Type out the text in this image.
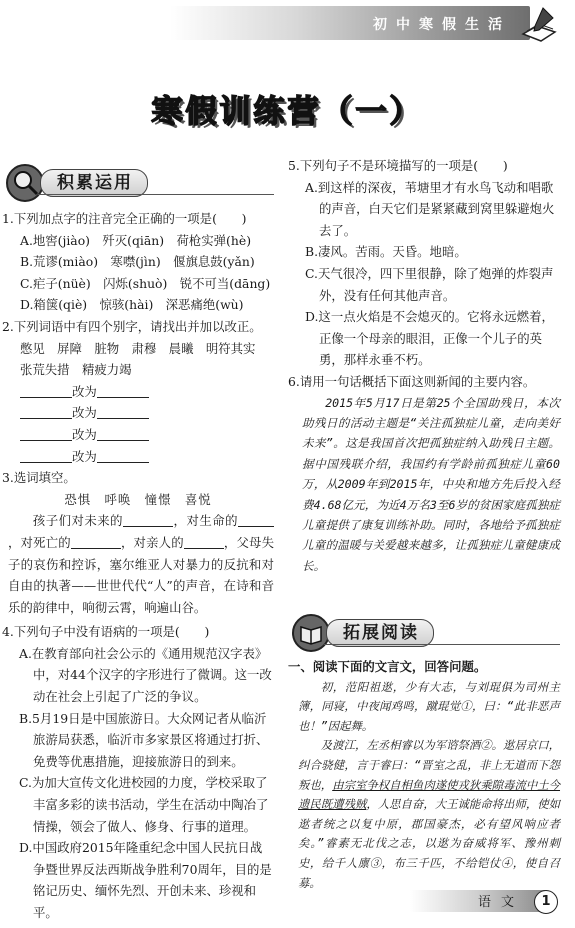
初中寒假生活
寒假训练营（一）
积累运用

1.下列加点字的注音完全正确的一项是(　　)

A.地窖(jiào)　歼灭(qiān)　荷枪实弹(hè)

B.荒谬(miào)　寒噤(jìn)　偃旗息鼓(yǎn)

C.疟子(nüè)　闪烁(shuò)　锐不可当(dāng)

D.箱箧(qiè)　惊骇(hài)　深恶痛绝(wù)

2.下列词语中有四个别字，请找出并加以改正。

憋见　屏障　脏物　肃穆　晨曦　明符其实

张荒失措　精疲力竭

改为

改为

改为

改为

3.选词填空。

恐惧　呼唤　憧憬　喜悦

孩子们对未来的	，对生命的，对死亡的	，对亲人的	，父母失子的哀伤和控诉，塞尔维亚人对暴力的反抗和对自由的执著——世世代代“人”的声音，在诗和音乐的韵律中，响彻云霄，响遍山谷。

4.下列句子中没有语病的一项是(　　)

A.在教育部向社会公示的《通用规范汉字表》中，对44个汉字的字形进行了微调。这一改动在社会上引起了广泛的争议。

B.5月19日是中国旅游日。大众网记者从临沂旅游局获悉，临沂市多家景区将通过打折、免费等优惠措施，迎接旅游日的到来。

C.为加大宣传文化进校园的力度，学校采取了丰富多彩的读书活动，学生在活动中陶冶了情操，领会了做人、修身、行事的道理。

D.中国政府2015年隆重纪念中国人民抗日战争暨世界反法西斯战争胜利70周年，目的是铭记历史、缅怀先烈、开创未来、珍视和平。

5.下列句子不是环境描写的一项是(　　)

A.到这样的深夜，苇塘里才有水鸟飞动和唱歌的声音，白天它们是紧紧藏到窝里躲避炮火去了。

B.凄风。苦雨。天昏。地暗。

C.天气很冷，四下里很静，除了炮弹的炸裂声外，没有任何其他声音。

D.这一点火焰是不会熄灭的。它将永远燃着，正像一个母亲的眼泪，正像一个儿子的英勇，那样永垂不朽。

6.请用一句话概括下面这则新闻的主要内容。

2015年5月17日是第25个全国助残日，本次助残日的活动主题是“关注孤独症儿童，走向美好未来”。这是我国首次把孤独症纳入助残日主题。据中国残联介绍，我国约有学龄前孤独症儿童60万，从2009年到2015年，中央和地方先后投入经费4.68亿元，为近4万名3至6岁的贫困家庭孤独症儿童提供了康复训练补助。同时，各地给予孤独症儿童的温暖与关爱越来越多，让孤独症儿童健康成长。

拓展阅读

一、阅读下面的文言文，回答问题。

初，范阳祖逖，少有大志，与刘琨俱为司州主簿，同寝，中夜闻鸡鸣，蹴琨觉①，曰：“此非恶声也！”因起舞。

及渡江，左丞相睿以为军谘祭酒②。逖居京口，纠合骁健，言于睿曰：“晋室之乱，非上无道而下怨叛也，由宗室争权自相鱼肉遂使戎狄乘隙毒流中土今遗民既遭残贼，人思自奋，大王诚能命将出师，使如逖者统之以复中原，郡国豪杰，必有望风响应者矣。”睿素无北伐之志，以逖为奋威将军、豫州刺史，给千人廪③，布三千匹，不给铠仗④，使自召募。

语文	1
